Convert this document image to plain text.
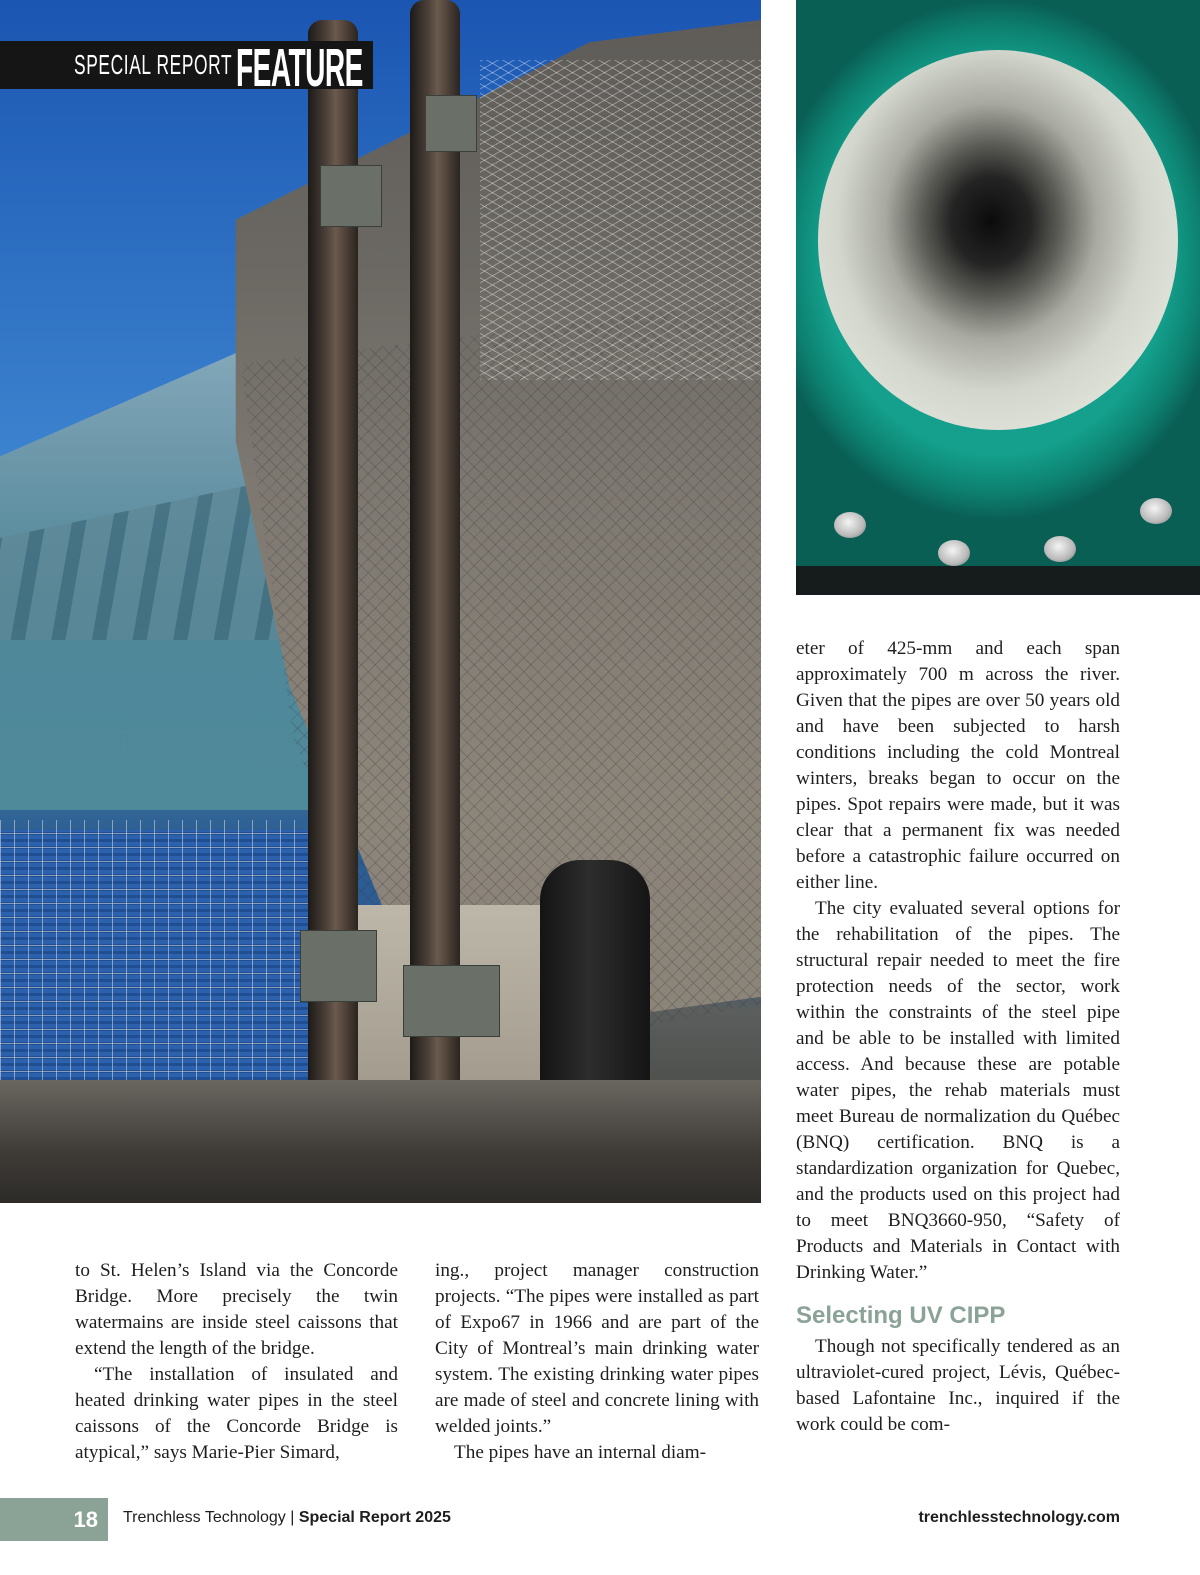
SPECIAL REPORT FEATURE

to St. Helen’s Island via the Concorde Bridge. More precisely the twin watermains are inside steel caissons that extend the length of the bridge.

“The installation of insulated and heated drinking water pipes in the steel caissons of the Concorde Bridge is atypical,” says Marie-Pier Simard,

ing., project manager construction projects. “The pipes were installed as part of Expo67 in 1966 and are part of the City of Montreal’s main drinking water system. The existing drinking water pipes are made of steel and concrete lining with welded joints.”

The pipes have an internal diam-

eter of 425-mm and each span approximately 700 m across the river. Given that the pipes are over 50 years old and have been subjected to harsh conditions including the cold Montreal winters, breaks began to occur on the pipes. Spot repairs were made, but it was clear that a permanent fix was needed before a catastrophic failure occurred on either line.

The city evaluated several options for the rehabilitation of the pipes. The structural repair needed to meet the fire protection needs of the sector, work within the constraints of the steel pipe and be able to be installed with limited access. And because these are potable water pipes, the rehab materials must meet Bureau de normalization du Québec (BNQ) certification. BNQ is a standardization organization for Quebec, and the products used on this project had to meet BNQ3660-950, “Safety of Products and Materials in Contact with Drinking Water.”

Selecting UV CIPP

Though not specifically tendered as an ultraviolet-cured project, Lévis, Québec-based Lafontaine Inc., inquired if the work could be com-

18	Trenchless Technology | Special Report 2025	trenchlesstechnology.com
